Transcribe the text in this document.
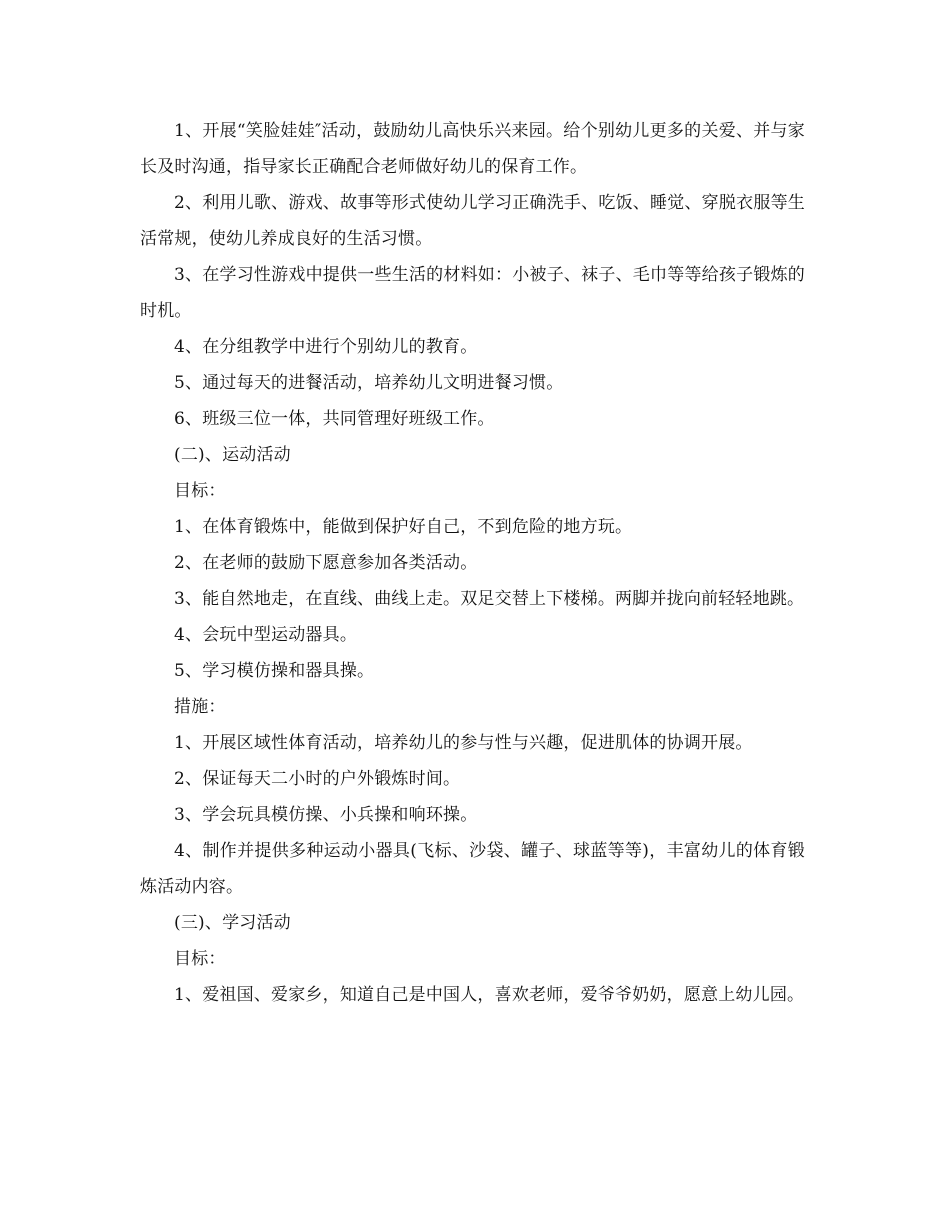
1、开展“笑脸娃娃″活动，鼓励幼儿高快乐兴来园。给个别幼儿更多的关爱、并与家长及时沟通，指导家长正确配合老师做好幼儿的保育工作。

2、利用儿歌、游戏、故事等形式使幼儿学习正确洗手、吃饭、睡觉、穿脱衣服等生活常规，使幼儿养成良好的生活习惯。

3、在学习性游戏中提供一些生活的材料如：小被子、袜子、毛巾等等给孩子锻炼的时机。

4、在分组教学中进行个别幼儿的教育。

5、通过每天的进餐活动，培养幼儿文明进餐习惯。

6、班级三位一体，共同管理好班级工作。

(二)、运动活动

目标：

1、在体育锻炼中，能做到保护好自己，不到危险的地方玩。

2、在老师的鼓励下愿意参加各类活动。

3、能自然地走，在直线、曲线上走。双足交替上下楼梯。两脚并拢向前轻轻地跳。

4、会玩中型运动器具。

5、学习模仿操和器具操。

措施：

1、开展区域性体育活动，培养幼儿的参与性与兴趣，促进肌体的协调开展。

2、保证每天二小时的户外锻炼时间。

3、学会玩具模仿操、小兵操和响环操。

4、制作并提供多种运动小器具(飞标、沙袋、罐子、球蓝等等)，丰富幼儿的体育锻炼活动内容。

(三)、学习活动

目标：

1、爱祖国、爱家乡，知道自己是中国人，喜欢老师，爱爷爷奶奶，愿意上幼儿园。
